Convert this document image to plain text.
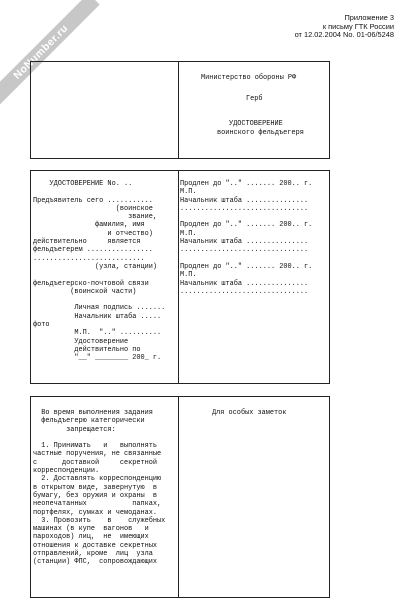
NoNumber.ru
Приложение 3
к письму ГТК России
от 12.02.2004 No. 01-06/5248
Министерство обороны РФ
Герб
УДОСТОВЕРЕНИЕ
воинского фельдъегеря
УДОСТОВЕРЕНИЕ No. ..

Предъявитель сего ...........
(воинское
звание,
фамилия, имя
и отчество)
действительно     является
фельдъегерем ................
...........................
(узла, станции)

фельдъегерско-почтовой связи
(воинской части)

Личная подпись .......
Начальник штаба .....
фото
М.П.  ".." ..........
Удостоверение
действительно по
"__" ________ 200_ г.
Продлен до ".." ....... 200.. г.
М.П.
Начальник штаба ...............
...............................

Продлен до ".." ....... 200.. г.
М.П.
Начальник штаба ...............
...............................

Продлен до ".." ....... 200.. г.
М.П.
Начальник штаба ...............
...............................
Во время выполнения задания
фельдъегерю категорически
запрещается:

1. Принимать   и   выполнять
частные поручения, не связанные
с      доставкой     секретной
корреспонденции.
2. Доставлять корреспонденцию
в открытом виде, завернутую  в
бумагу, без оружия и охраны  в
неопечатанных           папках,
портфелях, сумках и чемоданах.
3. Провозить    в    служебных
машинах (в купе  вагонов   и
пароходов) лиц,  не  имеющих
отношения к доставке секретных
отправлений, кроме  лиц  узла
(станции) ФПС,  сопровождающих
Для особых заметок
